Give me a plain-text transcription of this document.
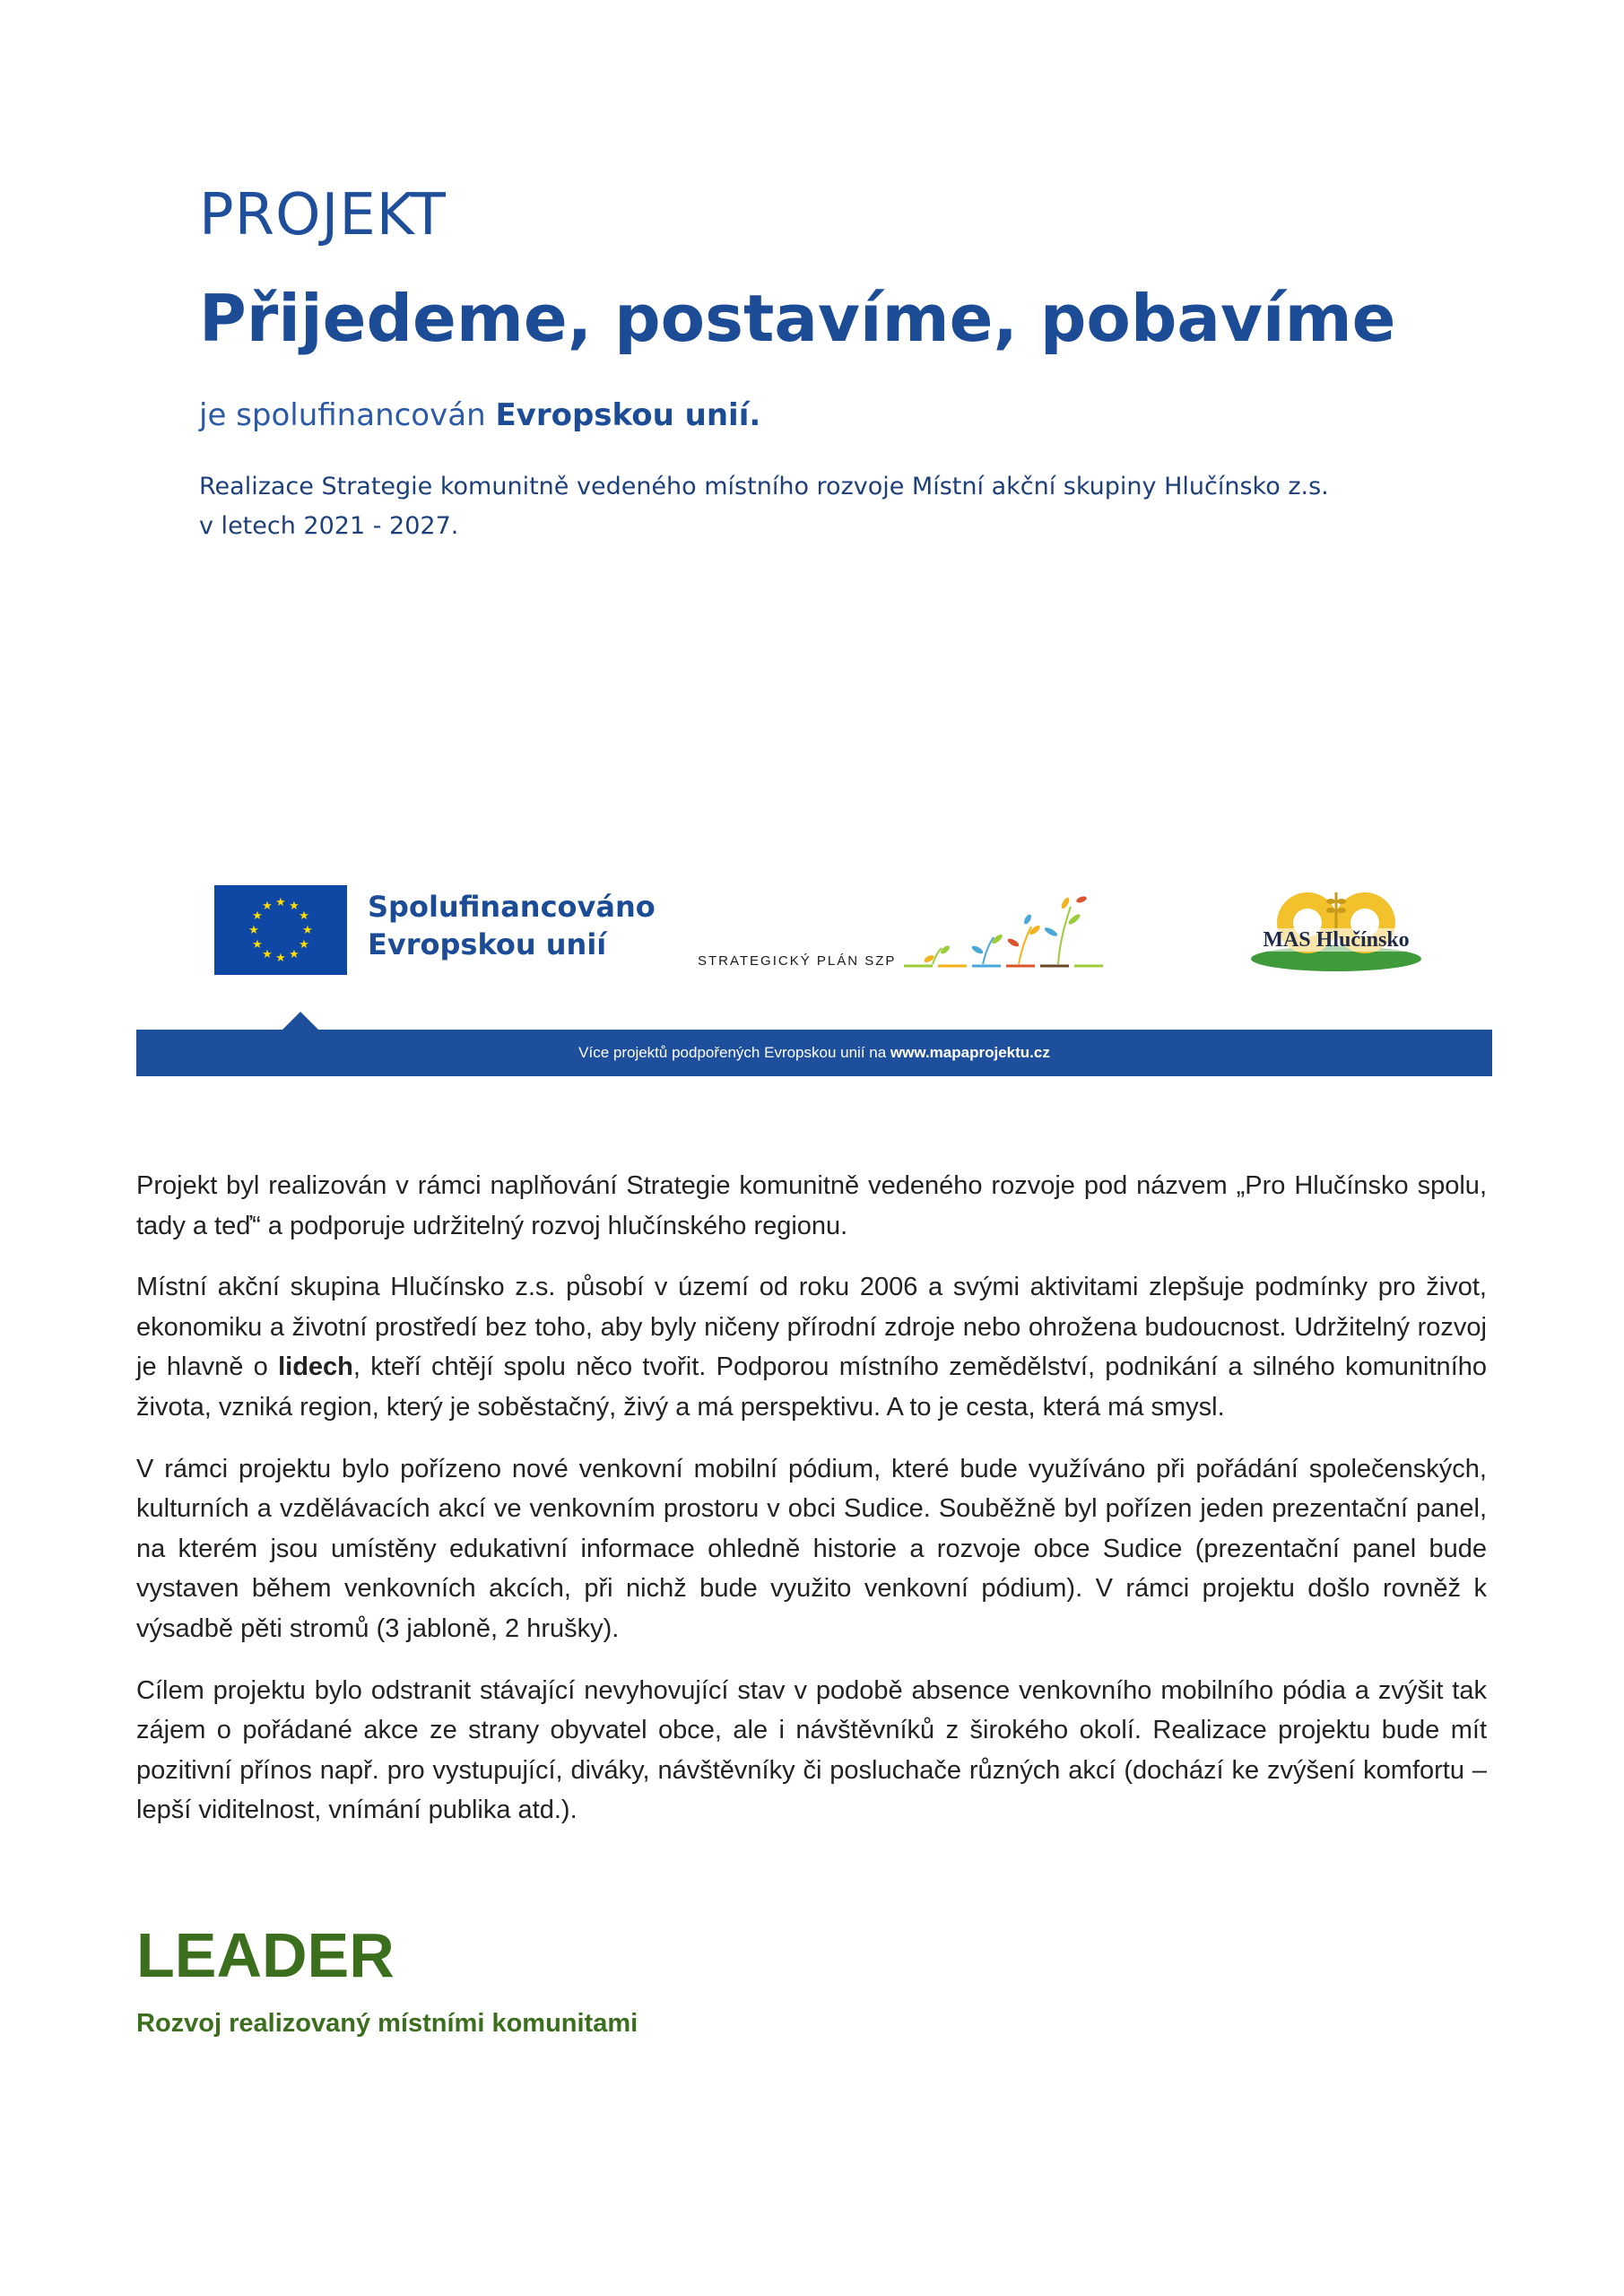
PROJEKT
Přijedeme, postavíme, pobavíme
je spolufinancován Evropskou unií.
Realizace Strategie komunitně vedeného místního rozvoje Místní akční skupiny Hlučínsko z.s.
v letech 2021 - 2027.
★ ★
★
★
★
★
★
★
★
★
★
★	Spolufinancováno
Evropskou unií	STRATEGICKÝ PLÁN SZP
MAS Hlučínsko
Více projektů podpořených Evropskou unií na www.mapaprojektu.cz

Projekt byl realizován v rámci naplňování Strategie komunitně vedeného rozvoje pod názvem „Pro Hlučínsko spolu, tady a teď“ a podporuje udržitelný rozvoj hlučínského regionu.

Místní akční skupina Hlučínsko z.s. působí v území od roku 2006 a svými aktivitami zlepšuje podmínky pro život, ekonomiku a životní prostředí bez toho, aby byly ničeny přírodní zdroje nebo ohrožena budoucnost. Udržitelný rozvoj je hlavně o lidech, kteří chtějí spolu něco tvořit. Podporou místního zemědělství, podnikání a silného komunitního života, vzniká region, který je soběstačný, živý a má perspektivu. A to je cesta, která má smysl.

V rámci projektu bylo pořízeno nové venkovní mobilní pódium, které bude využíváno při pořádání společenských, kulturních a vzdělávacích akcí ve venkovním prostoru v obci Sudice. Souběžně byl pořízen jeden prezentační panel, na kterém jsou umístěny edukativní informace ohledně historie a rozvoje obce Sudice (prezentační panel bude vystaven během venkovních akcích, při nichž bude využito venkovní pódium). V rámci projektu došlo rovněž k výsadbě pěti stromů (3 jabloně, 2 hrušky).

Cílem projektu bylo odstranit stávající nevyhovující stav v podobě absence venkovního mobilního pódia a zvýšit tak zájem o pořádané akce ze strany obyvatel obce, ale i návštěvníků z širokého okolí. Realizace projektu bude mít pozitivní přínos např. pro vystupující, diváky, návštěvníky či posluchače různých akcí (dochází ke zvýšení komfortu – lepší viditelnost, vnímání publika atd.).

LEADER
Rozvoj realizovaný místními komunitami
